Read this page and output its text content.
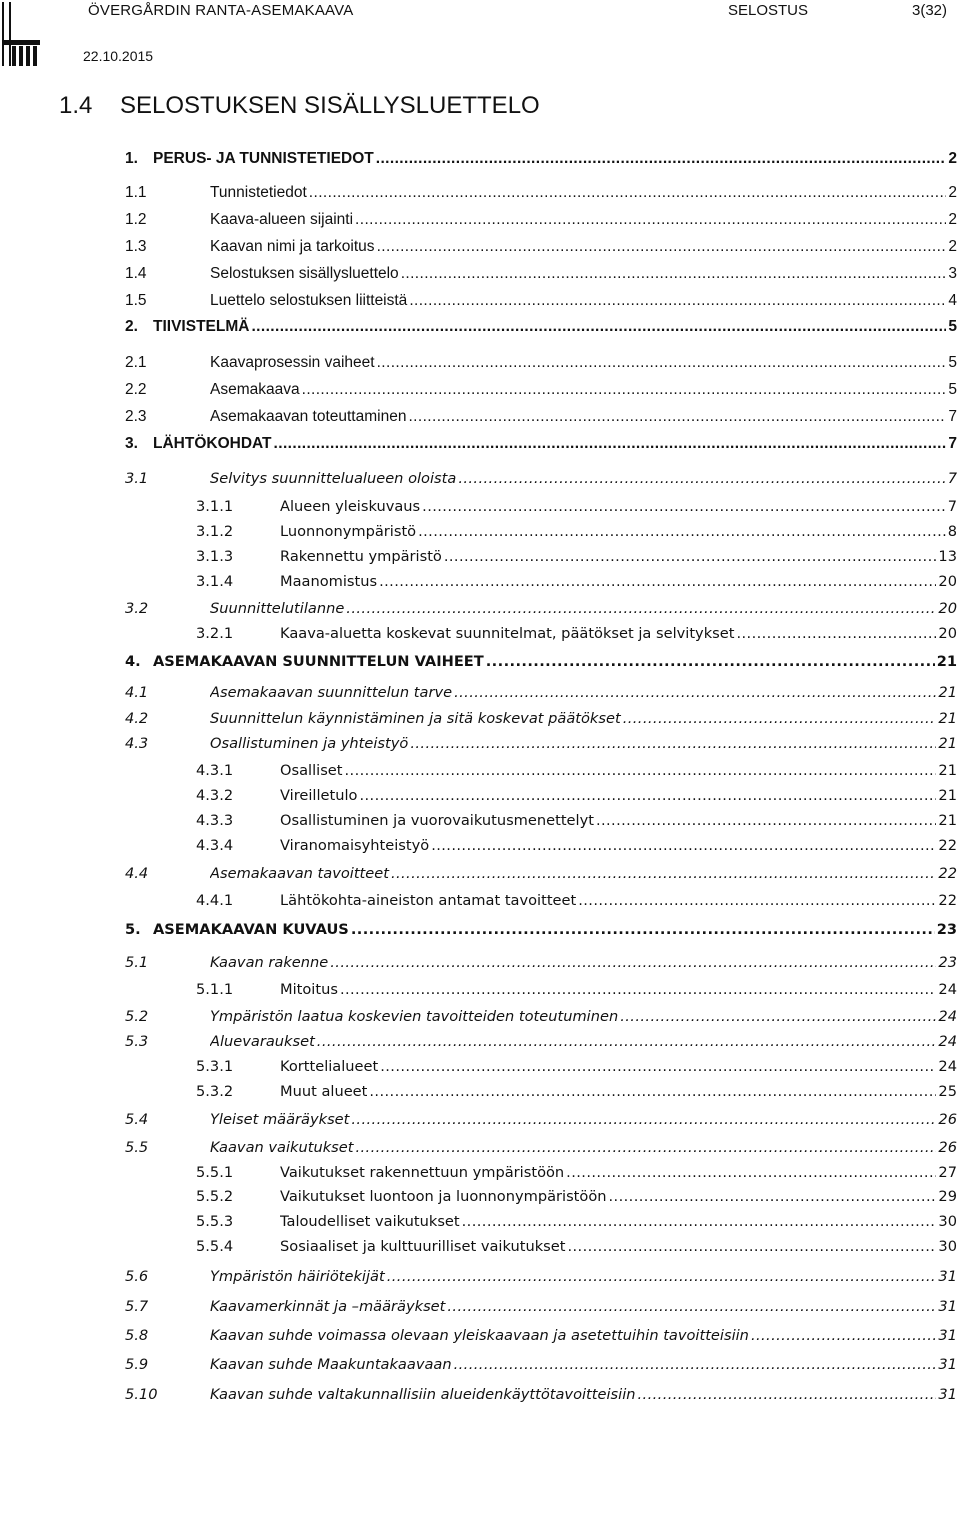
ÖVERGÅRDIN RANTA-ASEMAKAAVA	SELOSTUS	3(32)
22.10.2015
1.4 SELOSTUKSEN SISÄLLYSLUETTELO
1. PERUS- JA TUNNISTETIEDOT .....	2
1.1	Tunnistetiedot .....	2
1.2	Kaava-alueen sijainti .....	2
1.3	Kaavan nimi ja tarkoitus .....	2
1.4	Selostuksen sisällysluettelo .....	3
1.5	Luettelo selostuksen liitteistä .....	4
2. TIIVISTELMÄ .....	5
2.1	Kaavaprosessin vaiheet .....	5
2.2	Asemakaava .....	5
2.3	Asemakaavan toteuttaminen .....	7
3. LÄHTÖKOHDAT .....	7
3.1	Selvitys suunnittelualueen oloista .....	7
3.1.1	Alueen yleiskuvaus .....	7
3.1.2	Luonnonympäristö .....	8
3.1.3	Rakennettu ympäristö .....	13
3.1.4	Maanomistus .....	20
3.2	Suunnittelutilanne .....	20
3.2.1	Kaava-aluetta koskevat suunnitelmat, päätökset ja selvitykset .....	20
4. ASEMAKAAVAN SUUNNITTELUN VAIHEET .....	21
4.1	Asemakaavan suunnittelun tarve .....	21
4.2	Suunnittelun käynnistäminen ja sitä koskevat päätökset .....	21
4.3	Osallistuminen ja yhteistyö .....	21
4.3.1	Osalliset .....	21
4.3.2	Vireilletulo .....	21
4.3.3	Osallistuminen ja vuorovaikutusmenettelyt .....	21
4.3.4	Viranomaisyhteistyö .....	22
4.4	Asemakaavan tavoitteet .....	22
4.4.1	Lähtökohta-aineiston antamat tavoitteet .....	22
5. ASEMAKAAVAN KUVAUS .....	23
5.1	Kaavan rakenne .....	23
5.1.1	Mitoitus .....	24
5.2	Ympäristön laatua koskevien tavoitteiden toteutuminen .....	24
5.3	Aluevaraukset .....	24
5.3.1	Korttelialueet .....	24
5.3.2	Muut alueet .....	25
5.4	Yleiset määräykset .....	26
5.5	Kaavan vaikutukset .....	26
5.5.1	Vaikutukset rakennettuun ympäristöön .....	27
5.5.2	Vaikutukset luontoon ja luonnonympäristöön .....	29
5.5.3	Taloudelliset vaikutukset .....	30
5.5.4	Sosiaaliset ja kulttuurilliset vaikutukset .....	30
5.6	Ympäristön häiriötekijät .....	31
5.7	Kaavamerkinnät ja –määräykset .....	31
5.8	Kaavan suhde voimassa olevaan yleiskaavaan ja asetettuihin tavoitteisiin .....	31
5.9	Kaavan suhde Maakuntakaavaan .....	31
5.10	Kaavan suhde valtakunnallisiin alueidenkäyttötavoitteisiin .....	31
